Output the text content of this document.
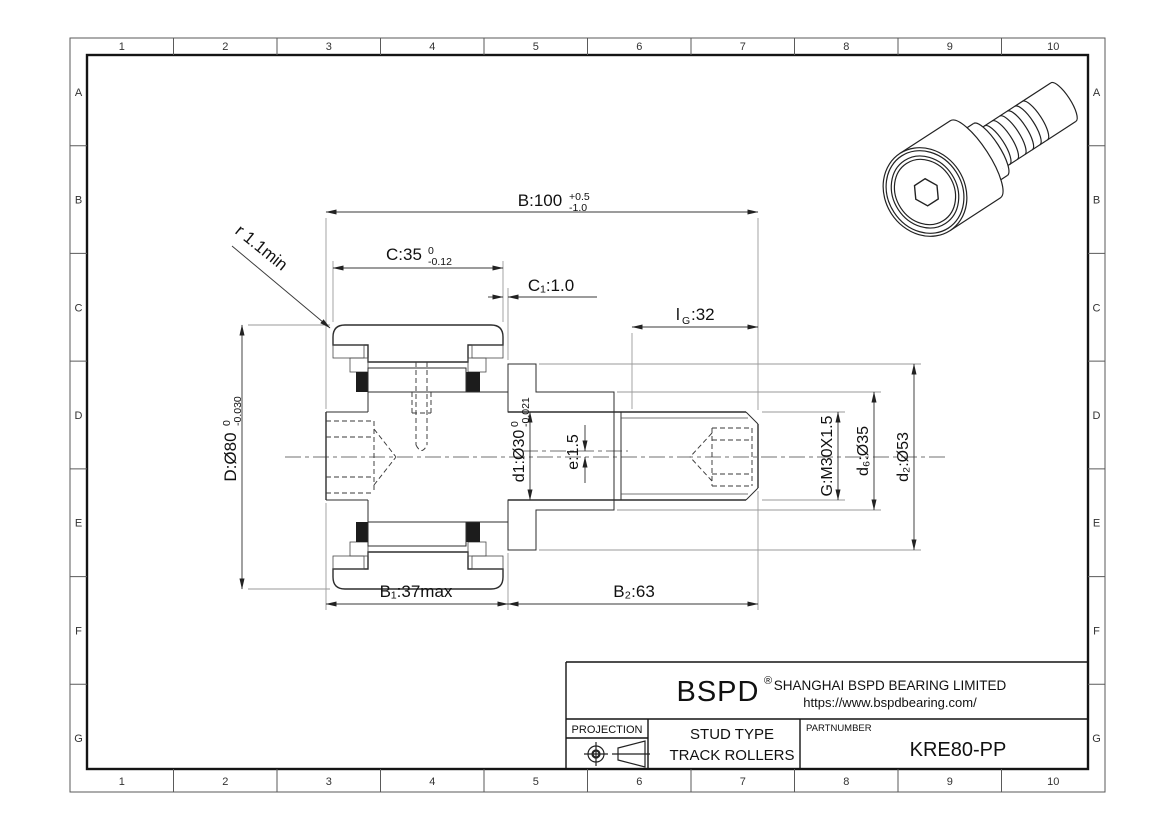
1
1
2
2
3
3
4
4
5
5
6
6
7
7
8
8
9
9
10
10
A	A
B	B
C	C
D	D
E	E
F	F
G	G
B:100 +0.5
-1.0
C:35 0
-0.12
C₁:1.0
r 1.1min
D:Ø80
0 -0.030
d1:Ø30
0 -0.021
e:1.5
l G :32
G:M30X1.5 d₆:Ø35 d₂:Ø53
B₁:37max	B₂:63
BSPD ® SHANGHAI BSPD BEARING LIMITED
https://www.bspdbearing.com/
PROJECTION	STUD TYPE
TRACK ROLLERS
PARTNUMBER
KRE80-PP
